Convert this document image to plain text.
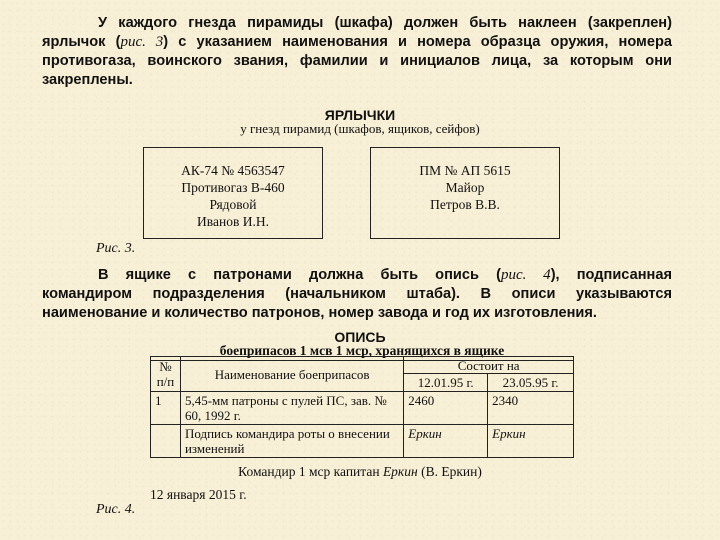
У каждого гнезда пирамиды (шкафа) должен быть наклеен (закреплен)
ярлычок (рис. 3) с указанием наименования и номера образца оружия, номера
противогаза, воинского звания, фамилии и инициалов лица, за которым они
закреплены.
ЯРЛЫЧКИ
у гнезд пирамид (шкафов, ящиков, сейфов)
АК-74 № 4563547
Противогаз В-460
Рядовой
Иванов И.Н.
ПМ № АП 5615
Майор
Петров В.В.
Рис. 3.
В ящике с патронами должна быть опись (рис. 4), подписанная
командиром подразделения (начальником штаба). В описи указываются
наименование и количество патронов, номер завода и год их изготовления.
ОПИСЬ
боеприпасов 1 мсв 1 мср, хранящихся в ящике
№
п/п	Наименование боеприпасов	Состоит на	
		12.01.95 г.	23.05.95 г.
1	5,45-мм патроны с пулей ПС, зав. № 60, 1992 г.	2460	2340
	Подпись командира роты о внесении изменений	Еркин	Еркин
Командир 1 мср капитан Еркин (В. Еркин)
12 января 2015 г.
Рис. 4.
